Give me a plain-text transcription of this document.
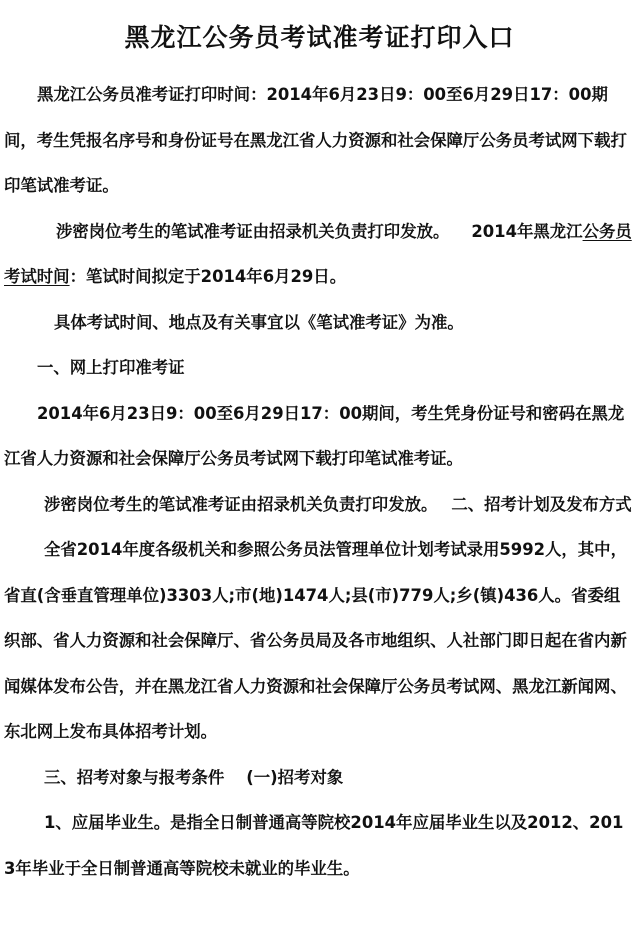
黑龙江公务员考试准考证打印入口

黑龙江公务员准考证打印时间：2014年6月23日9：00至6月29日17：00期间，考生凭报名序号和身份证号在黑龙江省人力资源和社会保障厅公务员考试网下载打印笔试准考证。

涉密岗位考生的笔试准考证由招录机关负责打印发放。 2014年黑龙江公务员考试时间：笔试时间拟定于2014年6月29日。

具体考试时间、地点及有关事宜以《笔试准考证》为准。

一、网上打印准考证

2014年6月23日9：00至6月29日17：00期间，考生凭身份证号和密码在黑龙江省人力资源和社会保障厅公务员考试网下载打印笔试准考证。

涉密岗位考生的笔试准考证由招录机关负责打印发放。 二、招考计划及发布方式

全省2014年度各级机关和参照公务员法管理单位计划考试录用5992人，其中，省直(含垂直管理单位)3303人;市(地)1474人;县(市)779人;乡(镇)436人。省委组织部、省人力资源和社会保障厅、省公务员局及各市地组织、人社部门即日起在省内新闻媒体发布公告，并在黑龙江省人力资源和社会保障厅公务员考试网、黑龙江新闻网、东北网上发布具体招考计划。

三、招考对象与报考条件 (一)招考对象

1、应届毕业生。是指全日制普通高等院校2014年应届毕业生以及2012、2013年毕业于全日制普通高等院校未就业的毕业生。
